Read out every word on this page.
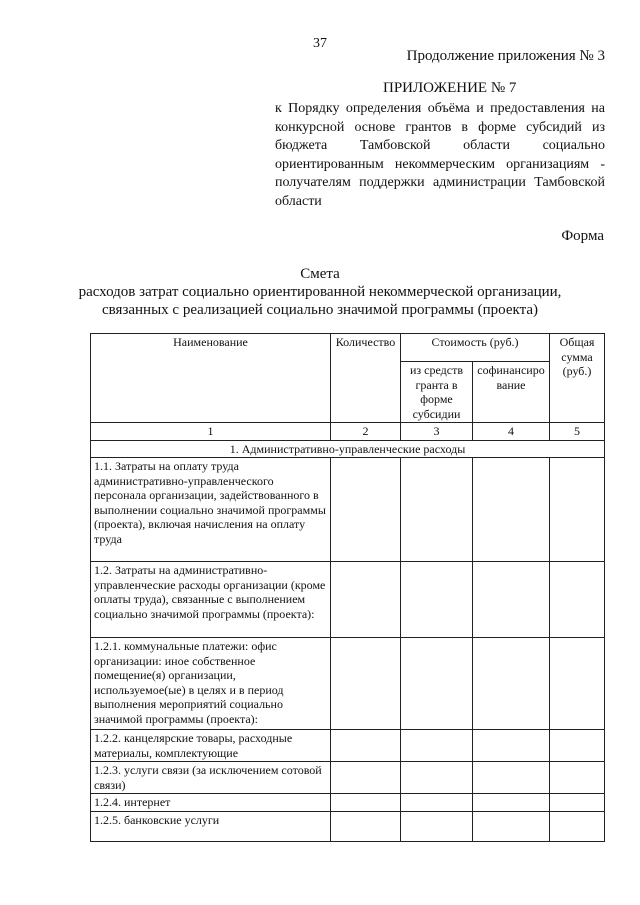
37
Продолжение приложения № 3
ПРИЛОЖЕНИЕ № 7
к Порядку определения объёма и предоставления на конкурсной основе грантов в форме субсидий из бюджета Тамбовской области социально ориентированным некоммерческим организациям - получателям поддержки администрации Тамбовской области
Форма
Смета
расходов затрат социально ориентированной некоммерческой организации,
связанных с реализацией социально значимой программы (проекта)
Наименование	Количество	Стоимость (руб.)		Общая сумма (руб.)
		из средств гранта в форме субсидии	софинансиро вание	
1	2	3	4	5
1. Административно-управленческие расходы				
1.1. Затраты на оплату труда административно-управленческого персонала организации, задействованного в выполнении социально значимой программы (проекта), включая начисления на оплату труда				
1.2. Затраты на административно-управленческие расходы организации (кроме оплаты труда), связанные с выполнением социально значимой программы (проекта):				
1.2.1. коммунальные платежи: офис организации: иное собственное помещение(я) организации, используемое(ые) в целях и в период выполнения мероприятий социально значимой программы (проекта):				
1.2.2. канцелярские товары, расходные материалы, комплектующие				
1.2.3. услуги связи (за исключением сотовой связи)				
1.2.4. интернет				
1.2.5. банковские услуги				
